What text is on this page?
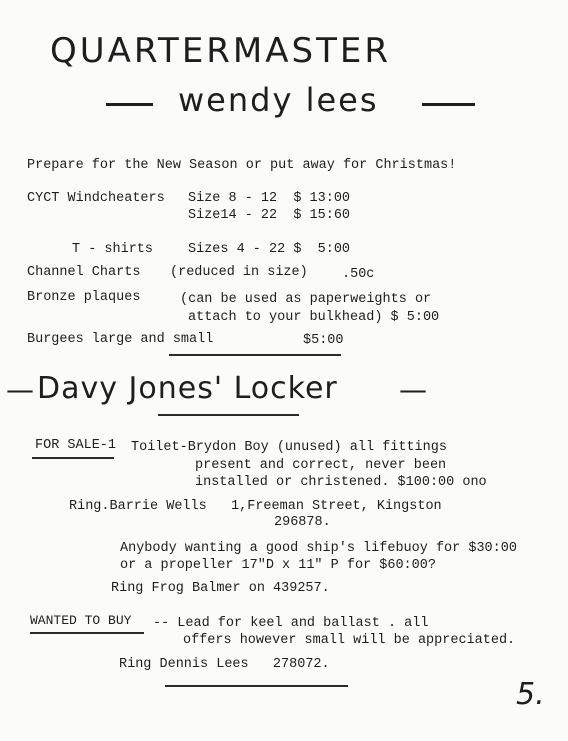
QUARTERMASTER
wendy lees
Prepare for the New Season or put away for Christmas!
CYCT Windcheaters Size 8 - 12  $ 13:00
Size14 - 22  $ 15:60
T - shirts	Sizes 4 - 22 $  5:00
Channel Charts (reduced in size)	.50c
Bronze plaques	(can be used as paperweights or
attach to your bulkhead) $ 5:00
Burgees large and small	$5:00
— Davy Jones' Locker —
FOR SALE-1 Toilet-Brydon Boy (unused) all fittings
present and correct, never been
installed or christened. $100:00 ono
Ring.Barrie Wells   1,Freeman Street, Kingston
296878.
Anybody wanting a good ship's lifebuoy for $30:00
or a propeller 17"D x 11" P for $60:00?
Ring Frog Balmer on 439257.
WANTED TO BUY -- Lead for keel and ballast . all
offers however small will be appreciated.
Ring Dennis Lees   278072.
5.
